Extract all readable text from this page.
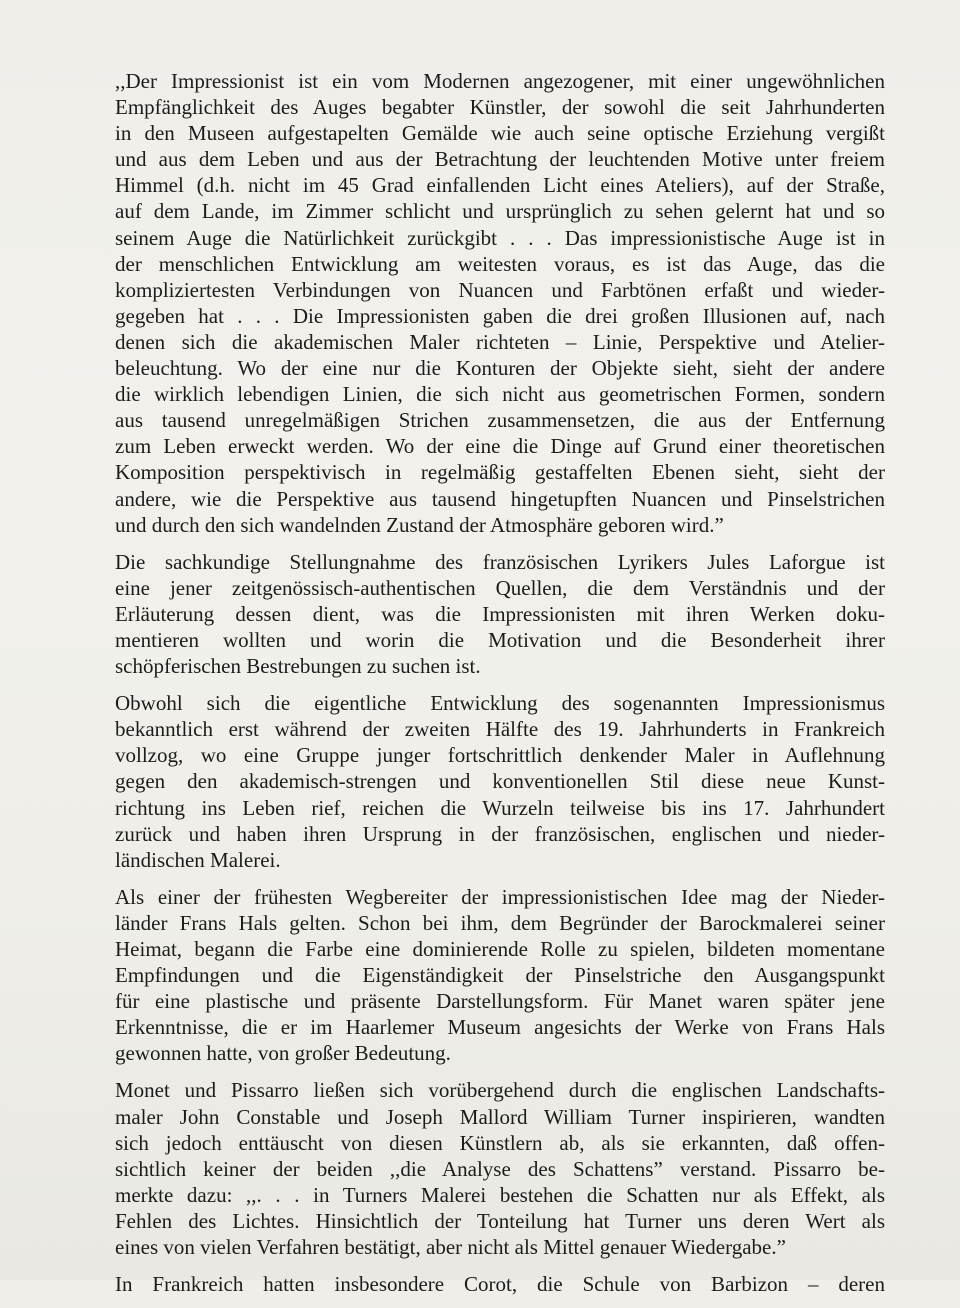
,,Der Impressionist ist ein vom Modernen angezogener, mit einer ungewöhnlichen
Empfänglichkeit des Auges begabter Künstler, der sowohl die seit Jahrhunderten
in den Museen aufgestapelten Gemälde wie auch seine optische Erziehung vergißt
und aus dem Leben und aus der Betrachtung der leuchtenden Motive unter freiem
Himmel (d.h. nicht im 45 Grad einfallenden Licht eines Ateliers), auf der Straße,
auf dem Lande, im Zimmer schlicht und ursprünglich zu sehen gelernt hat und so
seinem Auge die Natürlichkeit zurückgibt . . . Das impressionistische Auge ist in
der menschlichen Entwicklung am weitesten voraus, es ist das Auge, das die
kompliziertesten Verbindungen von Nuancen und Farbtönen erfaßt und wieder-
gegeben hat . . . Die Impressionisten gaben die drei großen Illusionen auf, nach
denen sich die akademischen Maler richteten – Linie, Perspektive und Atelier-
beleuchtung. Wo der eine nur die Konturen der Objekte sieht, sieht der andere
die wirklich lebendigen Linien, die sich nicht aus geometrischen Formen, sondern
aus tausend unregelmäßigen Strichen zusammensetzen, die aus der Entfernung
zum Leben erweckt werden. Wo der eine die Dinge auf Grund einer theoretischen
Komposition perspektivisch in regelmäßig gestaffelten Ebenen sieht, sieht der
andere, wie die Perspektive aus tausend hingetupften Nuancen und Pinselstrichen
und durch den sich wandelnden Zustand der Atmosphäre geboren wird.”
Die sachkundige Stellungnahme des französischen Lyrikers Jules Laforgue ist
eine jener zeitgenössisch-authentischen Quellen, die dem Verständnis und der
Erläuterung dessen dient, was die Impressionisten mit ihren Werken doku-
mentieren wollten und worin die Motivation und die Besonderheit ihrer
schöpferischen Bestrebungen zu suchen ist.
Obwohl sich die eigentliche Entwicklung des sogenannten Impressionismus
bekanntlich erst während der zweiten Hälfte des 19. Jahrhunderts in Frankreich
vollzog, wo eine Gruppe junger fortschrittlich denkender Maler in Auflehnung
gegen den akademisch-strengen und konventionellen Stil diese neue Kunst-
richtung ins Leben rief, reichen die Wurzeln teilweise bis ins 17. Jahrhundert
zurück und haben ihren Ursprung in der französischen, englischen und nieder-
ländischen Malerei.
Als einer der frühesten Wegbereiter der impressionistischen Idee mag der Nieder-
länder Frans Hals gelten. Schon bei ihm, dem Begründer der Barockmalerei seiner
Heimat, begann die Farbe eine dominierende Rolle zu spielen, bildeten momentane
Empfindungen und die Eigenständigkeit der Pinselstriche den Ausgangspunkt
für eine plastische und präsente Darstellungsform. Für Manet waren später jene
Erkenntnisse, die er im Haarlemer Museum angesichts der Werke von Frans Hals
gewonnen hatte, von großer Bedeutung.
Monet und Pissarro ließen sich vorübergehend durch die englischen Landschafts-
maler John Constable und Joseph Mallord William Turner inspirieren, wandten
sich jedoch enttäuscht von diesen Künstlern ab, als sie erkannten, daß offen-
sichtlich keiner der beiden ,,die Analyse des Schattens” verstand. Pissarro be-
merkte dazu: ,,. . . in Turners Malerei bestehen die Schatten nur als Effekt, als
Fehlen des Lichtes. Hinsichtlich der Tonteilung hat Turner uns deren Wert als
eines von vielen Verfahren bestätigt, aber nicht als Mittel genauer Wiedergabe.”
In Frankreich hatten insbesondere Corot, die Schule von Barbizon – deren
